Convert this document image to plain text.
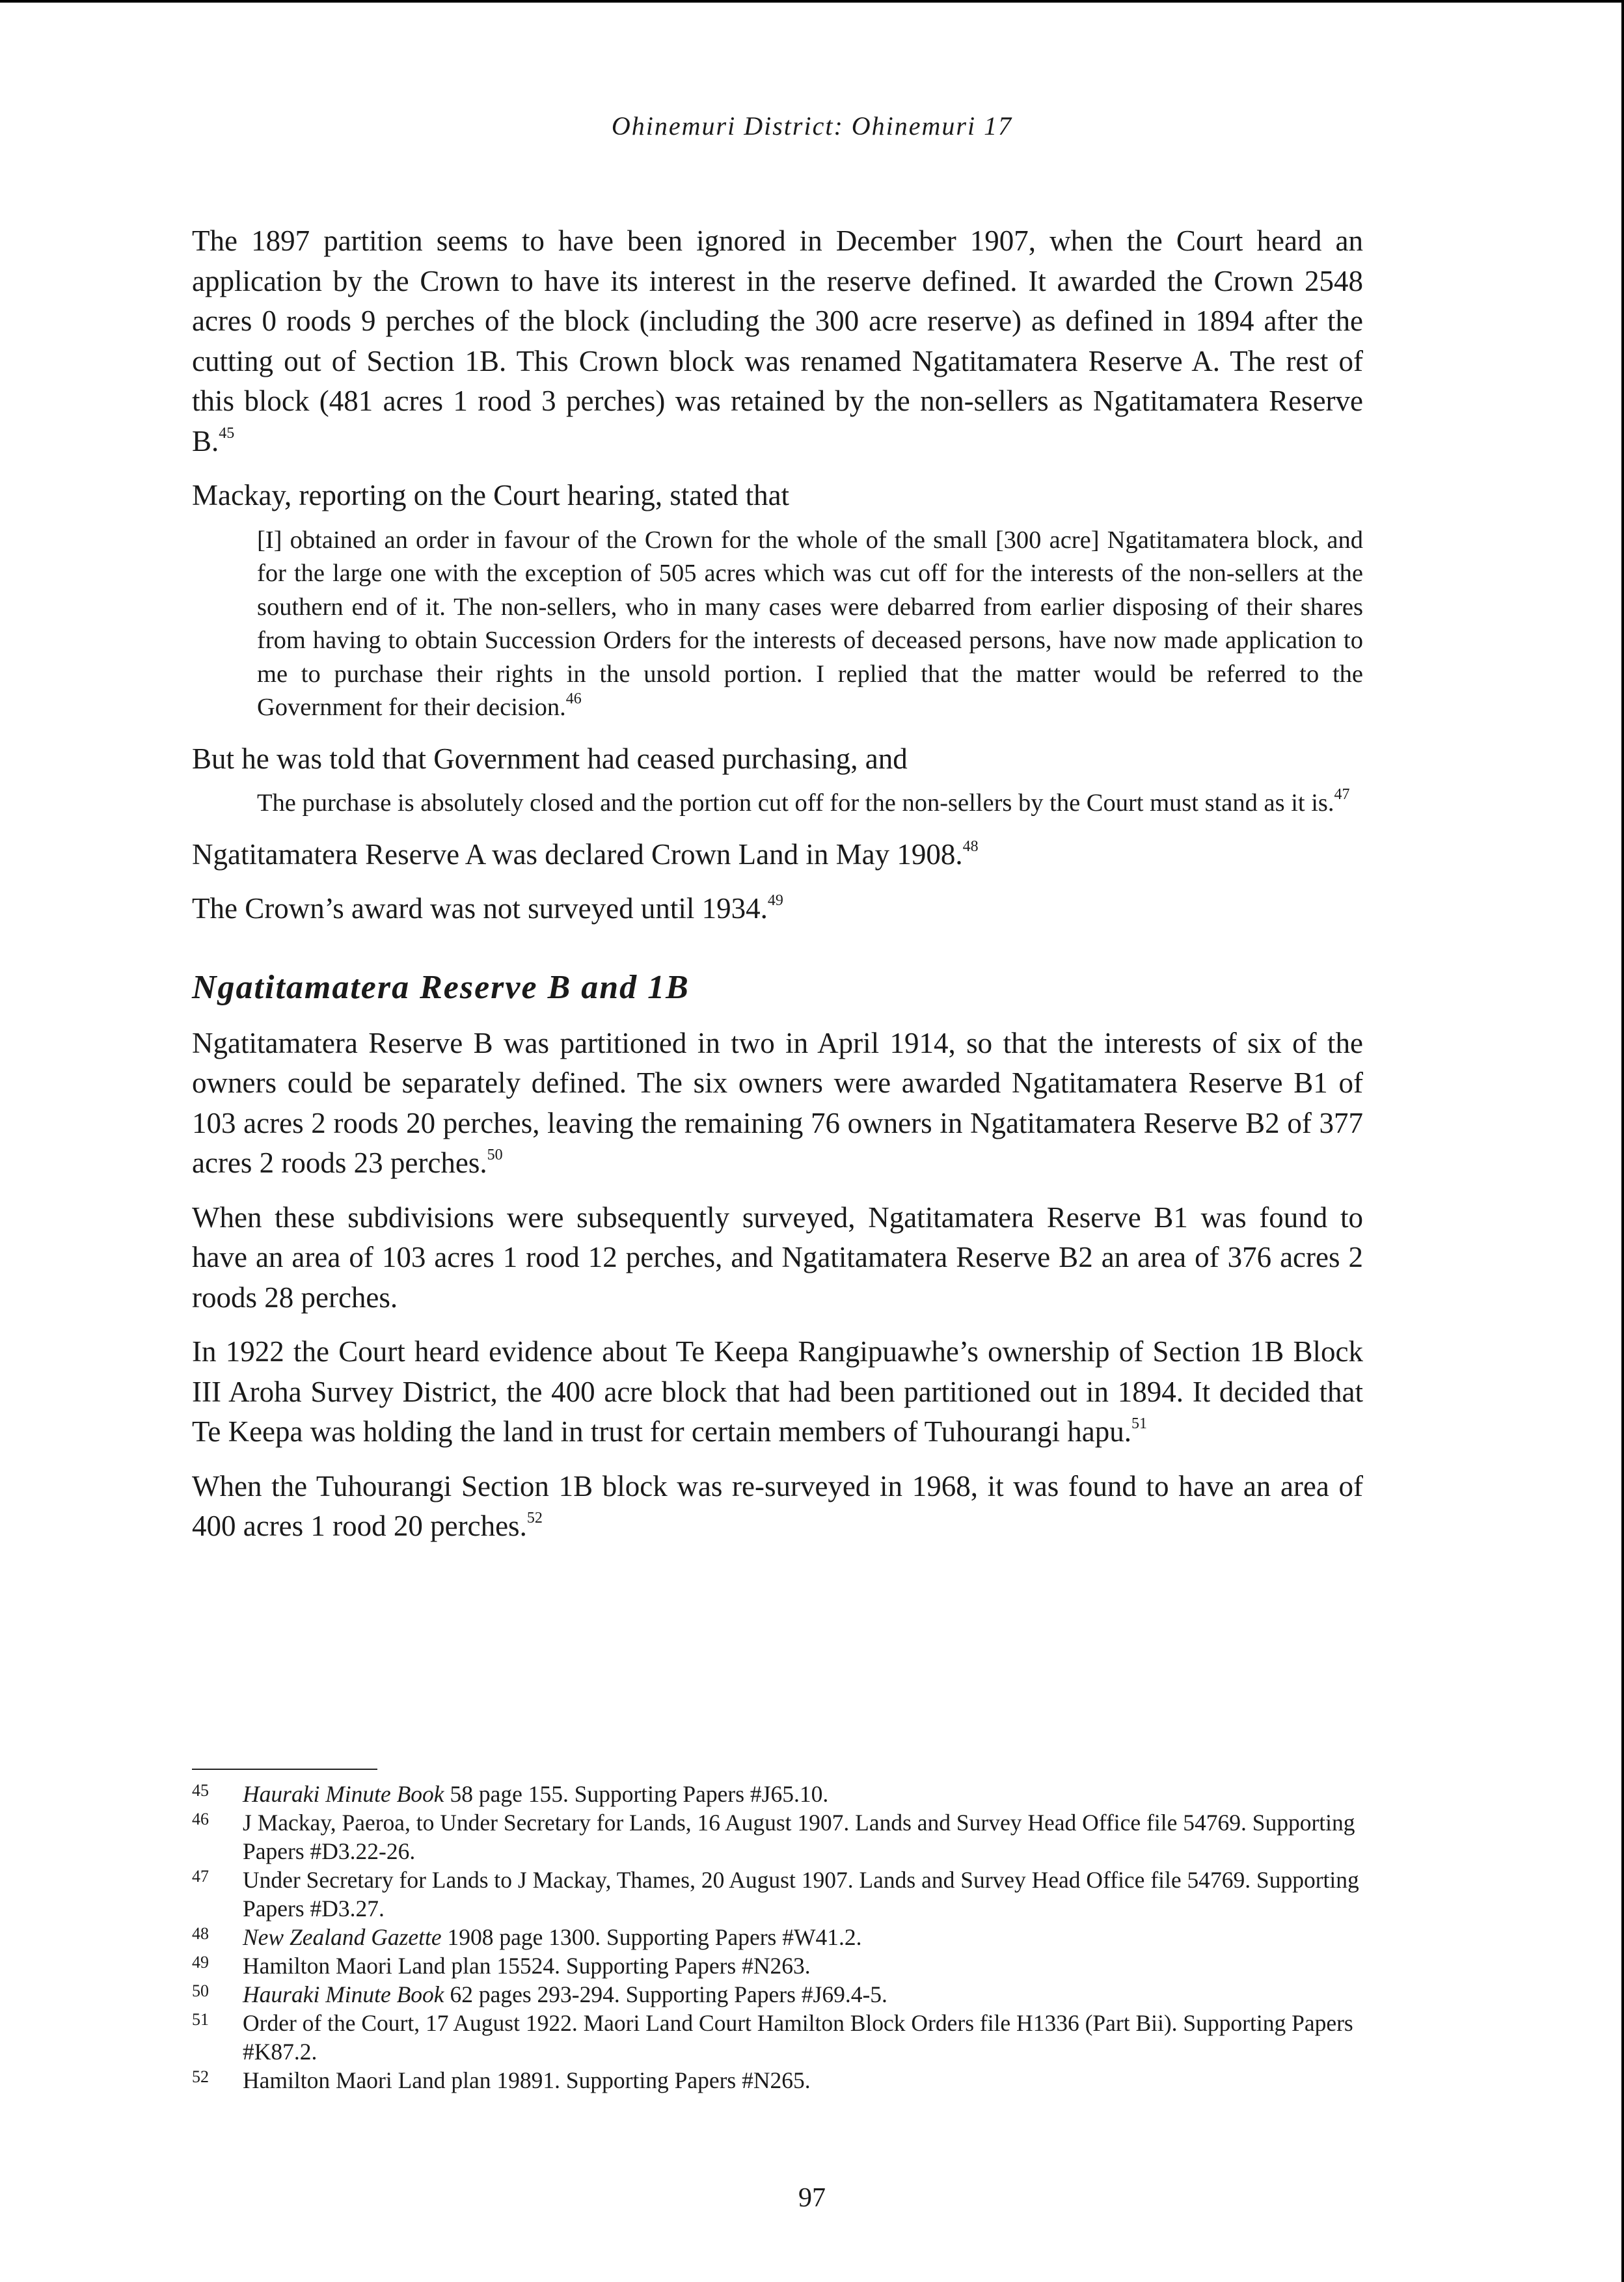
Ohinemuri District: Ohinemuri 17

The 1897 partition seems to have been ignored in December 1907, when the Court heard an application by the Crown to have its interest in the reserve defined. It awarded the Crown 2548 acres 0 roods 9 perches of the block (including the 300 acre reserve) as defined in 1894 after the cutting out of Section 1B. This Crown block was renamed Ngatitamatera Reserve A. The rest of this block (481 acres 1 rood 3 perches) was retained by the non-sellers as Ngatitamatera Reserve B.$^{45}$

Mackay, reporting on the Court hearing, stated that

[I] obtained an order in favour of the Crown for the whole of the small [300 acre] Ngatitamatera block, and for the large one with the exception of 505 acres which was cut off for the interests of the non-sellers at the southern end of it. The non-sellers, who in many cases were debarred from earlier disposing of their shares from having to obtain Succession Orders for the interests of deceased persons, have now made application to me to purchase their rights in the unsold portion. I replied that the matter would be referred to the Government for their decision.$^{46}$

But he was told that Government had ceased purchasing, and

The purchase is absolutely closed and the portion cut off for the non-sellers by the Court must stand as it is.$^{47}$

Ngatitamatera Reserve A was declared Crown Land in May 1908.48

The Crown’s award was not surveyed until 1934.49

Ngatitamatera Reserve B and 1B

Ngatitamatera Reserve B was partitioned in two in April 1914, so that the interests of six of the owners could be separately defined. The six owners were awarded Ngatitamatera Reserve B1 of 103 acres 2 roods 20 perches, leaving the remaining 76 owners in Ngatitamatera Reserve B2 of 377 acres 2 roods 23 perches.$^{50}$

When these subdivisions were subsequently surveyed, Ngatitamatera Reserve B1 was found to have an area of 103 acres 1 rood 12 perches, and Ngatitamatera Reserve B2 an area of 376 acres 2 roods 28 perches.

In 1922 the Court heard evidence about Te Keepa Rangipuawhe’s ownership of Section 1B Block III Aroha Survey District, the 400 acre block that had been partitioned out in 1894. It decided that Te Keepa was holding the land in trust for certain members of Tuhourangi hapu.$^{51}$

When the Tuhourangi Section 1B block was re-surveyed in 1968, it was found to have an area of 400 acres 1 rood 20 perches.$^{52}$

45	Hauraki Minute Book 58 page 155. Supporting Papers #J65.10.
46	J Mackay, Paeroa, to Under Secretary for Lands, 16 August 1907. Lands and Survey Head Office file 54769. Supporting Papers #D3.22-26.
47	Under Secretary for Lands to J Mackay, Thames, 20 August 1907. Lands and Survey Head Office file 54769. Supporting Papers #D3.27.
48	New Zealand Gazette 1908 page 1300. Supporting Papers #W41.2.
49	Hamilton Maori Land plan 15524. Supporting Papers #N263.
50	Hauraki Minute Book 62 pages 293-294. Supporting Papers #J69.4-5.
51	Order of the Court, 17 August 1922. Maori Land Court Hamilton Block Orders file H1336 (Part Bii). Supporting Papers #K87.2.
52	Hamilton Maori Land plan 19891. Supporting Papers #N265.
97
